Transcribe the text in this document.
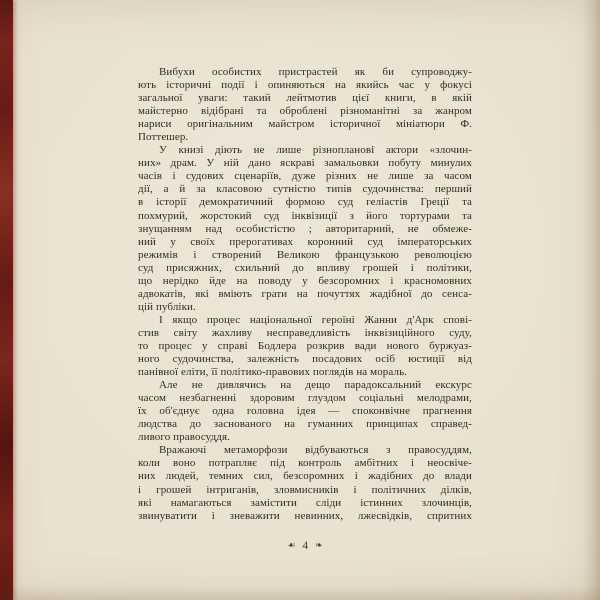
Вибухи особистих пристрастей як би супроводжу-
ють історичні події і опиняються на якийсь час у фокусі
загальної уваги: такий лейтмотив цієї книги, в якій
майстерно відібрані та оброблені різноманітні за жанром
нариси оригінальним майстром історичної мініатюри Ф.
Поттешер.
У книзі діють не лише різнопланові актори «злочин-
них» драм. У ній дано яскраві замальовки побуту минулих
часів і судових сценаріїв, дуже різних не лише за часом
дії, а й за класовою сутністю типів судочинства: перший
в історії демократичний формою суд геліастів Греції та
похмурий, жорстокий суд інквізиції з його тортурами та
знущанням над особистістю ; авторитарний, не обмеже-
ний у своїх прерогативах коронний суд імператорських
режимів і створений Великою французькою революцією
суд присяжних, схильний до впливу грошей і політики,
що нерідко йде на поводу у безсоромних і красномовних
адвокатів, які вміють грати на почуттях жадібної до сенса-
цій публіки.
І якщо процес національної героїні Жанни д'Арк спові-
стив світу жахливу несправедливість інквізиційного суду,
то процес у справі Бодлера розкрив вади нового буржуаз-
ного судочинства, залежність посадових осіб юстиції від
панівної еліти, її політико-правових поглядів на мораль.
Але не дивлячись на дещо парадоксальний екскурс
часом незбагненні здоровим глуздом соціальні мелодрами,
їх об'єднує одна головна ідея — споконвічне прагнення
людства до заснованого на гуманних принципах справед-
ливого правосуддя.
Вражаючі метаморфози відбуваються з правосуддям,
коли воно потрапляє під контроль амбітних і неосвіче-
них людей, темних сил, безсоромних і жадібних до влади
і грошей інтриганів, зловмисників і політичних ділків,
які намагаються замістити сліди істинних злочинців,
звинуватити і зневажити невинних, лжесвідків, спритних
☙ 4 ❧
